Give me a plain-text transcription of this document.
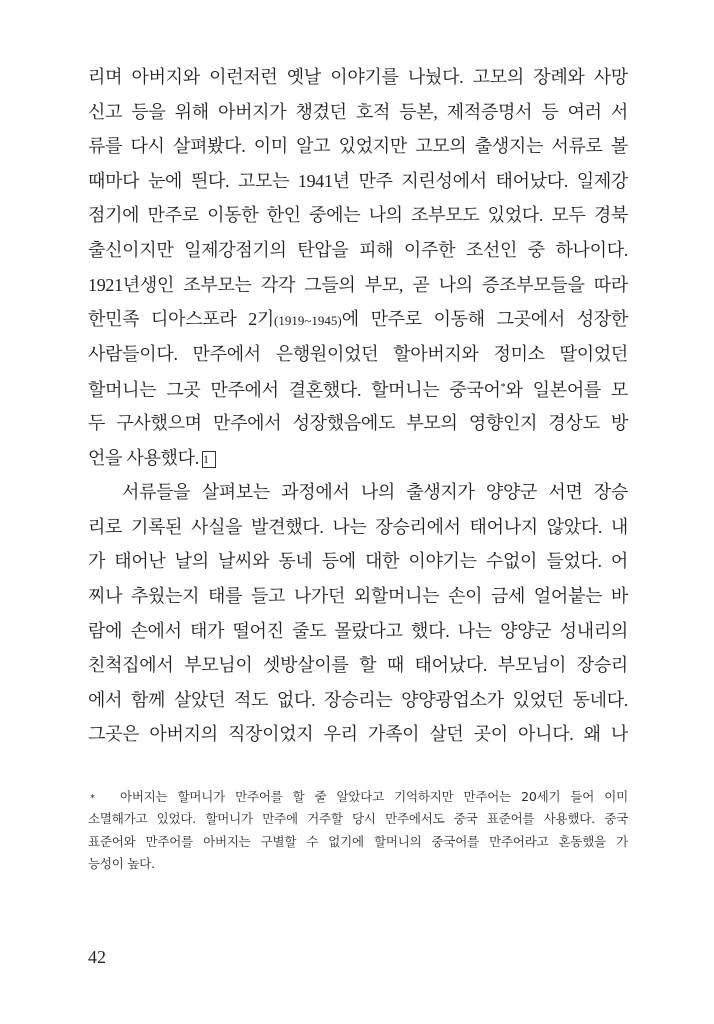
리며 아버지와 이런저런 옛날 이야기를 나눴다. 고모의 장례와 사망
신고 등을 위해 아버지가 챙겼던 호적 등본, 제적증명서 등 여러 서
류를 다시 살펴봤다. 이미 알고 있었지만 고모의 출생지는 서류로 볼
때마다 눈에 띈다. 고모는 1941년 만주 지린성에서 태어났다. 일제강
점기에 만주로 이동한 한인 중에는 나의 조부모도 있었다. 모두 경북
출신이지만 일제강점기의 탄압을 피해 이주한 조선인 중 하나이다.
1921년생인 조부모는 각각 그들의 부모, 곧 나의 증조부모들을 따라
한민족 디아스포라 2기(1919~1945)에 만주로 이동해 그곳에서 성장한
사람들이다. 만주에서 은행원이었던 할아버지와 정미소 딸이었던
할머니는 그곳 만주에서 결혼했다. 할머니는 중국어*와 일본어를 모
두 구사했으며 만주에서 성장했음에도 부모의 영향인지 경상도 방
언을 사용했다. 1
서류들을 살펴보는 과정에서 나의 출생지가 양양군 서면 장승
리로 기록된 사실을 발견했다. 나는 장승리에서 태어나지 않았다. 내
가 태어난 날의 날씨와 동네 등에 대한 이야기는 수없이 들었다. 어
찌나 추웠는지 태를 들고 나가던 외할머니는 손이 금세 얼어붙는 바
람에 손에서 태가 떨어진 줄도 몰랐다고 했다. 나는 양양군 성내리의
친척집에서 부모님이 셋방살이를 할 때 태어났다. 부모님이 장승리
에서 함께 살았던 적도 없다. 장승리는 양양광업소가 있었던 동네다.
그곳은 아버지의 직장이었지 우리 가족이 살던 곳이 아니다. 왜 나
* 아버지는 할머니가 만주어를 할 줄 알았다고 기억하지만 만주어는 20세기 들어 이미
소멸해가고 있었다. 할머니가 만주에 거주할 당시 만주에서도 중국 표준어를 사용했다. 중국
표준어와 만주어를 아버지는 구별할 수 없기에 할머니의 중국어를 만주어라고 혼동했을 가
능성이 높다.
42
